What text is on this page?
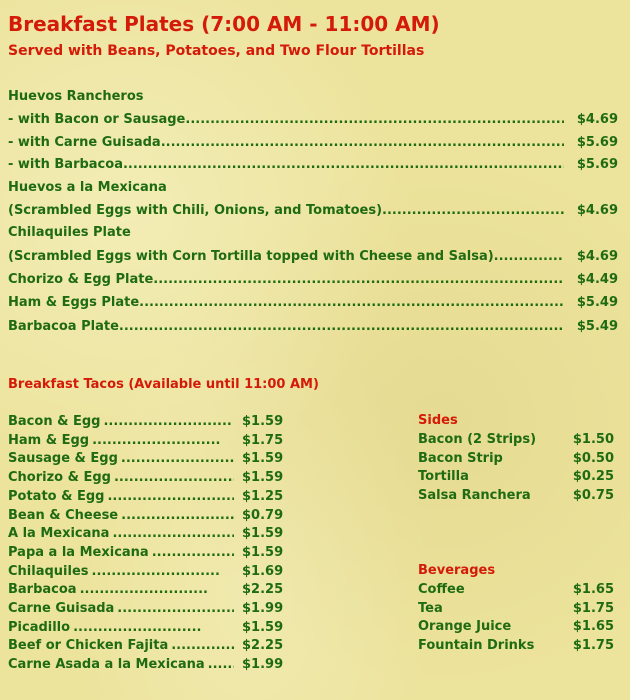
Breakfast Plates (7:00 AM - 11:00 AM)
Served with Beans, Potatoes, and Two Flour Tortillas
Huevos Rancheros
- with Bacon or Sausage .....	$4.69
- with Carne Guisada .....	$5.69
- with Barbacoa .....	$5.69
Huevos a la Mexicana
(Scrambled Eggs with Chili, Onions, and Tomatoes) .....	$4.69
Chilaquiles Plate
(Scrambled Eggs with Corn Tortilla topped with Cheese and Salsa) .....	$4.69
Chorizo & Egg Plate .....	$4.49
Ham & Eggs Plate .....	$5.49
Barbacoa Plate .....	$5.49
Breakfast Tacos (Available until 11:00 AM)
Bacon & Egg .....	$1.59
Ham & Egg .....	$1.75
Sausage & Egg .....	$1.59
Chorizo & Egg .....	$1.59
Potato & Egg .....	$1.25
Bean & Cheese .....	$0.79
A la Mexicana .....	$1.59
Papa a la Mexicana .....	$1.59
Chilaquiles .....	$1.69
Barbacoa .....	$2.25
Carne Guisada .....	$1.99
Picadillo .....	$1.59
Beef or Chicken Fajita .....	$2.25
Carne Asada a la Mexicana .....	$1.99
Sides
Bacon (2 Strips)	$1.50
Bacon Strip	$0.50
Tortilla	$0.25
Salsa Ranchera	$0.75
Beverages
Coffee	$1.65
Tea	$1.75
Orange Juice	$1.65
Fountain Drinks	$1.75
